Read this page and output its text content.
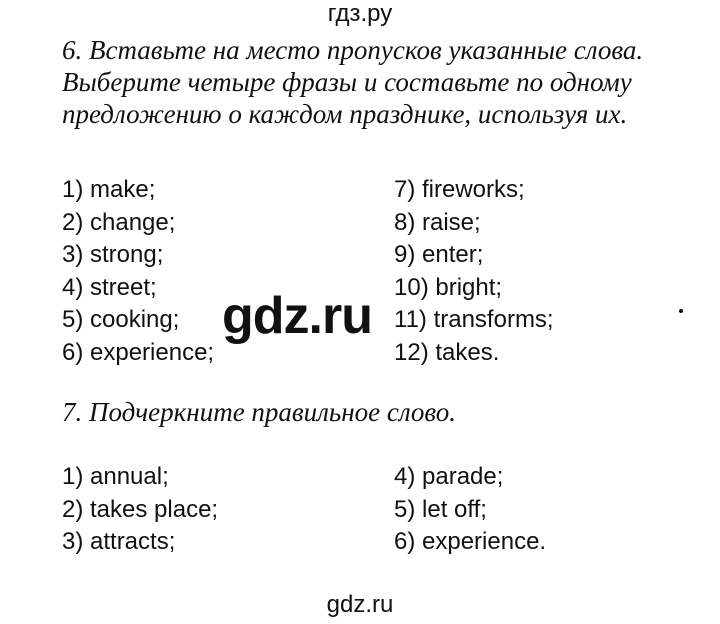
гдз.ру

6. Вставьте на место пропусков указанные слова. Выберите четыре фразы и составьте по одному предложению о каждом празднике, используя их.

1) make;
2) change;
3) strong;
4) street;
5) cooking;
6) experience;
7) fireworks;
8) raise;
9) enter;
10) bright;
11) transforms;
12) takes.
gdz.ru

7. Подчеркните правильное слово.

1) annual;
2) takes place;
3) attracts;
4) parade;
5) let off;
6) experience.
gdz.ru
